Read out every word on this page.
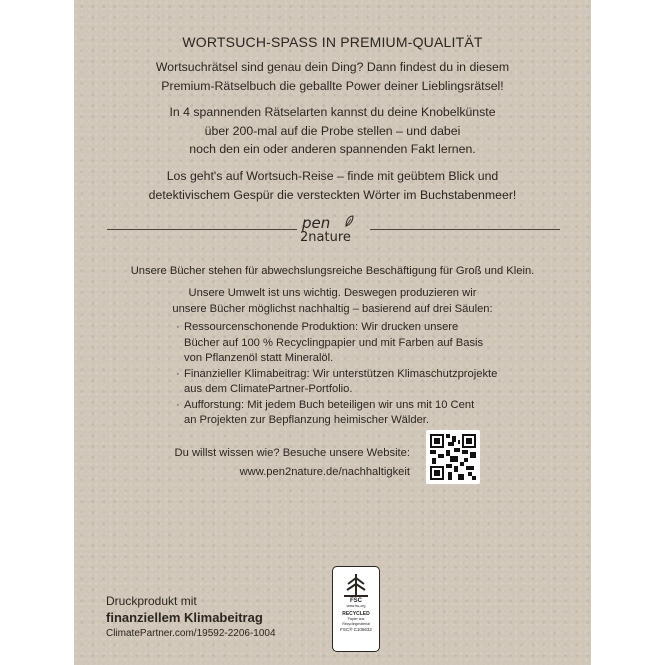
WORTSUCH-SPASS IN PREMIUM-QUALITÄT
Wortsuchrätsel sind genau dein Ding? Dann findest du in diesem
Premium-Rätselbuch die geballte Power deiner Lieblingsrätsel!
In 4 spannenden Rätselarten kannst du deine Knobelkünste
über 200-mal auf die Probe stellen – und dabei
noch den ein oder anderen spannenden Fakt lernen.
Los geht's auf Wortsuch-Reise – finde mit geübtem Blick und
detektivischem Gespür die versteckten Wörter im Buchstabenmeer!
pen
2nature
Unsere Bücher stehen für abwechslungsreiche Beschäftigung für Groß und Klein.
Unsere Umwelt ist uns wichtig. Deswegen produzieren wir
unsere Bücher möglichst nachhaltig – basierend auf drei Säulen:
· Ressourcenschonende Produktion: Wir drucken unsere
Bücher auf 100 % Recyclingpapier und mit Farben auf Basis
von Pflanzenöl statt Mineralöl.
· Finanzieller Klimabeitrag: Wir unterstützen Klimaschutzprojekte
aus dem ClimatePartner-Portfolio.
· Aufforstung: Mit jedem Buch beteiligen wir uns mit 10 Cent
an Projekten zur Bepflanzung heimischer Wälder.
Du willst wissen wie? Besuche unsere Website:
www.pen2nature.de/nachhaltigkeit
FSC
www.fsc.org
RECYCLED
Papier aus
Recyclingmaterial
FSC® C106632
Druckprodukt mit
finanziellem Klimabeitrag
ClimatePartner.com/19592-2206-1004
